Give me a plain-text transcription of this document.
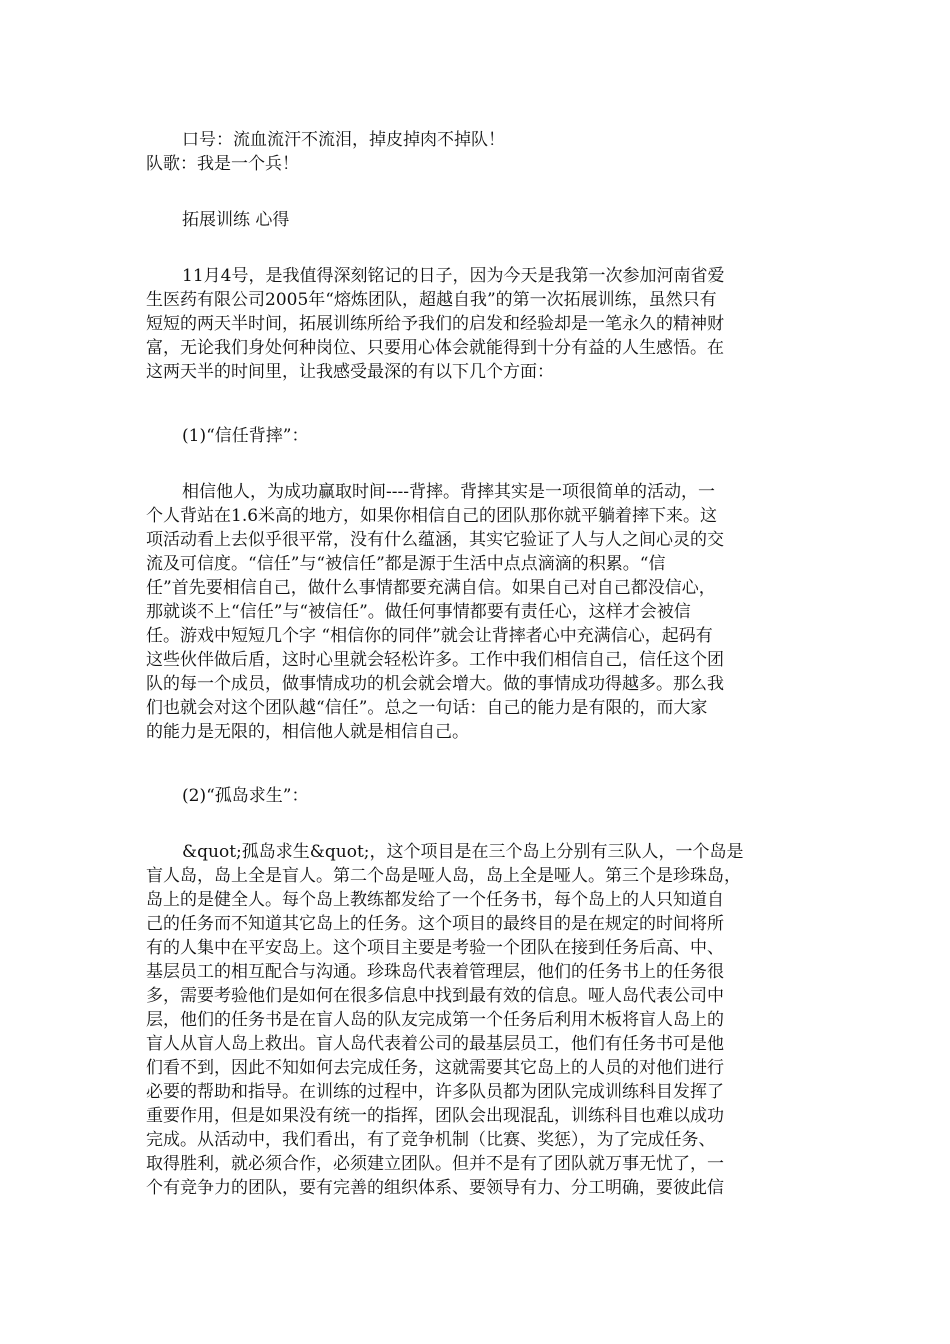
口号：流血流汗不流泪，掉皮掉肉不掉队！
队歌：我是一个兵！
拓展训练 心得
11月4号，是我值得深刻铭记的日子，因为今天是我第一次参加河南省爱
生医药有限公司2005年“熔炼团队，超越自我”的第一次拓展训练，虽然只有
短短的两天半时间，拓展训练所给予我们的启发和经验却是一笔永久的精神财
富，无论我们身处何种岗位、只要用心体会就能得到十分有益的人生感悟。在
这两天半的时间里，让我感受最深的有以下几个方面：
(1)“信任背摔”：
相信他人，为成功赢取时间----背摔。背摔其实是一项很简单的活动，一
个人背站在1.6米高的地方，如果你相信自己的团队那你就平躺着摔下来。这
项活动看上去似乎很平常，没有什么蕴涵，其实它验证了人与人之间心灵的交
流及可信度。“信任”与“被信任”都是源于生活中点点滴滴的积累。“信
任”首先要相信自己，做什么事情都要充满自信。如果自己对自己都没信心，
那就谈不上“信任”与“被信任”。做任何事情都要有责任心，这样才会被信
任。游戏中短短几个字 “相信你的同伴”就会让背摔者心中充满信心，起码有
这些伙伴做后盾，这时心里就会轻松许多。工作中我们相信自己，信任这个团
队的每一个成员，做事情成功的机会就会增大。做的事情成功得越多。那么我
们也就会对这个团队越“信任”。总之一句话：自己的能力是有限的，而大家
的能力是无限的，相信他人就是相信自己。
(2)“孤岛求生”：
&quot;孤岛求生&quot;，这个项目是在三个岛上分别有三队人，一个岛是
盲人岛，岛上全是盲人。第二个岛是哑人岛，岛上全是哑人。第三个是珍珠岛，
岛上的是健全人。每个岛上教练都发给了一个任务书，每个岛上的人只知道自
己的任务而不知道其它岛上的任务。这个项目的最终目的是在规定的时间将所
有的人集中在平安岛上。这个项目主要是考验一个团队在接到任务后高、中、
基层员工的相互配合与沟通。珍珠岛代表着管理层，他们的任务书上的任务很
多，需要考验他们是如何在很多信息中找到最有效的信息。哑人岛代表公司中
层，他们的任务书是在盲人岛的队友完成第一个任务后利用木板将盲人岛上的
盲人从盲人岛上救出。盲人岛代表着公司的最基层员工，他们有任务书可是他
们看不到，因此不知如何去完成任务，这就需要其它岛上的人员的对他们进行
必要的帮助和指导。在训练的过程中，许多队员都为团队完成训练科目发挥了
重要作用，但是如果没有统一的指挥，团队会出现混乱，训练科目也难以成功
完成。从活动中，我们看出，有了竞争机制（比赛、奖惩），为了完成任务、
取得胜利，就必须合作，必须建立团队。但并不是有了团队就万事无忧了，一
个有竞争力的团队，要有完善的组织体系、要领导有力、分工明确，要彼此信
